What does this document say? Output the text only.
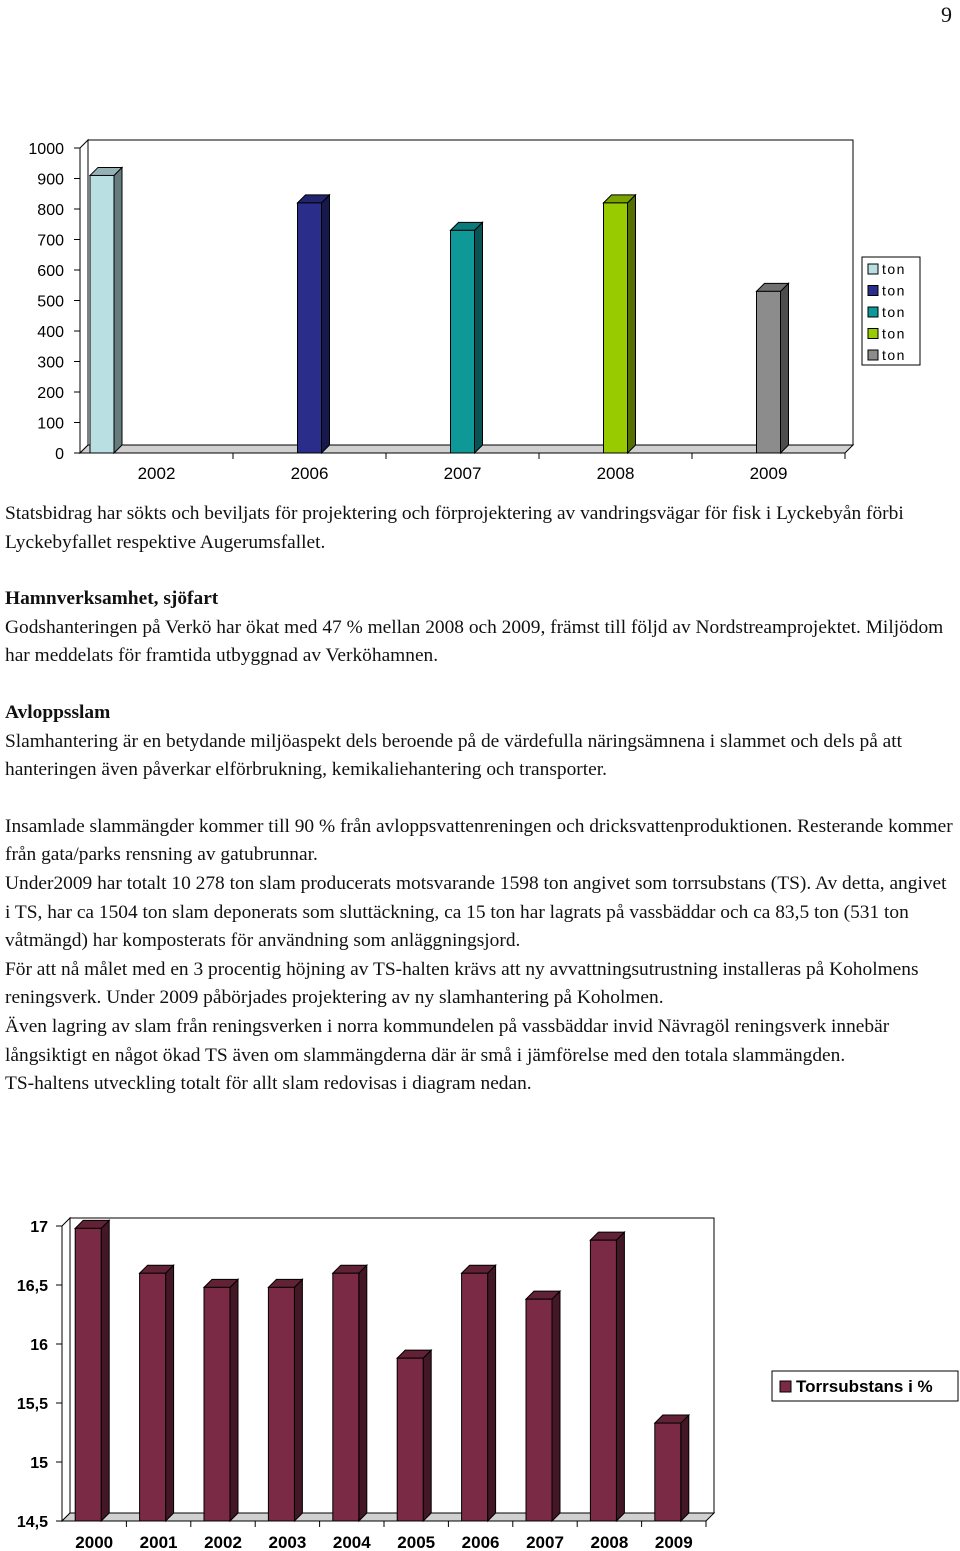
9
0
100
200
300
400
500
600
700
800
900
1000
2002	2006	2007	2008	2009
ton
ton
ton
ton
ton

Statsbidrag har sökts och beviljats för projektering och förprojektering av vandringsvägar för fisk i Lyckebyån förbi Lyckebyfallet respektive Augerumsfallet.

Hamnverksamhet, sjöfart

Godshanteringen på Verkö har ökat med 47 % mellan 2008 och 2009, främst till följd av Nordstreamprojektet. Miljödom har meddelats för framtida utbyggnad av Verköhamnen.

Avloppsslam

Slamhantering är en betydande miljöaspekt dels beroende på de värdefulla näringsämnena i slammet och dels på att hanteringen även påverkar elförbrukning, kemikaliehantering och transporter.

Insamlade slammängder kommer till 90 % från avloppsvattenreningen och dricksvattenproduktionen. Resterande kommer från gata/parks rensning av gatubrunnar.

Under2009 har totalt 10 278 ton slam producerats motsvarande 1598 ton angivet som torrsubstans (TS). Av detta, angivet i TS, har ca 1504 ton slam deponerats som sluttäckning, ca 15 ton har lagrats på vassbäddar och ca 83,5 ton (531 ton våtmängd) har komposterats för användning som anläggningsjord.

För att nå målet med en 3 procentig höjning av TS-halten krävs att ny avvattningsutrustning installeras på Koholmens reningsverk. Under 2009 påbörjades projektering av ny slamhantering på Koholmen.

Även lagring av slam från reningsverken i norra kommundelen på vassbäddar invid Nävragöl reningsverk innebär långsiktigt en något ökad TS även om slammängderna där är små i jämförelse med den totala slammängden.

TS-haltens utveckling totalt för allt slam redovisas i diagram nedan.

14,5
15
15,5
16
16,5
17
2000 2001 2002 2003 2004 2005 2006 2007 2008 2009
Torrsubstans i %
